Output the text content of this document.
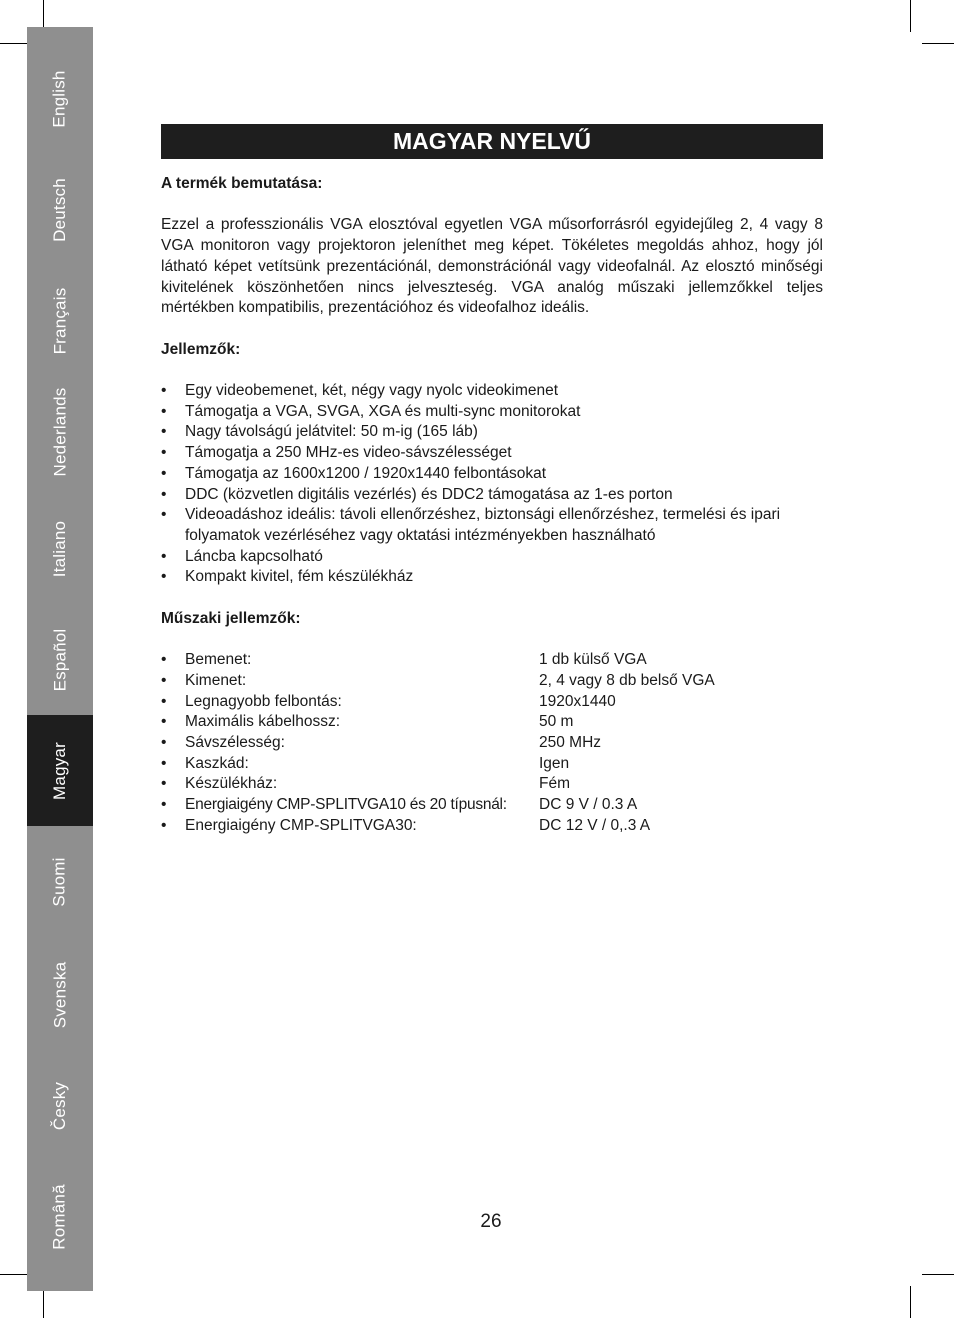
English
Deutsch
Français
Nederlands
Italiano
Español
Magyar
Suomi
Svenska
Česky
Română
MAGYAR NYELVŰ

A termék bemutatása:

Ezzel a professzionális VGA elosztóval egyetlen VGA műsorforrásról egyidejűleg 2, 4 vagy 8 VGA monitoron vagy projektoron jeleníthet meg képet. Tökéletes megoldás ahhoz, hogy jól látható képet vetítsünk prezentációnál, demonstrációnál vagy videofalnál. Az elosztó minőségi kivitelének köszönhetően nincs jelveszteség. VGA analóg műszaki jellemzőkkel teljes mértékben kompatibilis, prezentációhoz és videofalhoz ideális.

Jellemzők:

• Egy videobemenet, két, négy vagy nyolc videokimenet
• Támogatja a VGA, SVGA, XGA és multi-sync monitorokat
• Nagy távolságú jelátvitel: 50 m-ig (165 láb)
• Támogatja a 250 MHz-es video-sávszélességet
• Támogatja az 1600x1200 / 1920x1440 felbontásokat
• DDC (közvetlen digitális vezérlés) és DDC2 támogatása az 1-es porton
• Videoadáshoz ideális: távoli ellenőrzéshez, biztonsági ellenőrzéshez, termelési és ipari folyamatok vezérléséhez vagy oktatási intézményekben használható
• Láncba kapcsolható
• Kompakt kivitel, fém készülékház

Műszaki jellemzők:

• Bemenet:	1 db külső VGA
• Kimenet:	2, 4 vagy 8 db belső VGA
• Legnagyobb felbontás:	1920x1440
• Maximális kábelhossz:	50 m
• Sávszélesség:	250 MHz
• Kaszkád:	Igen
• Készülékház:	Fém
• Energiaigény CMP-SPLITVGA10 és 20 típusnál:	DC 9 V / 0.3 A
• Energiaigény CMP-SPLITVGA30:	DC 12 V / 0,.3 A
26
